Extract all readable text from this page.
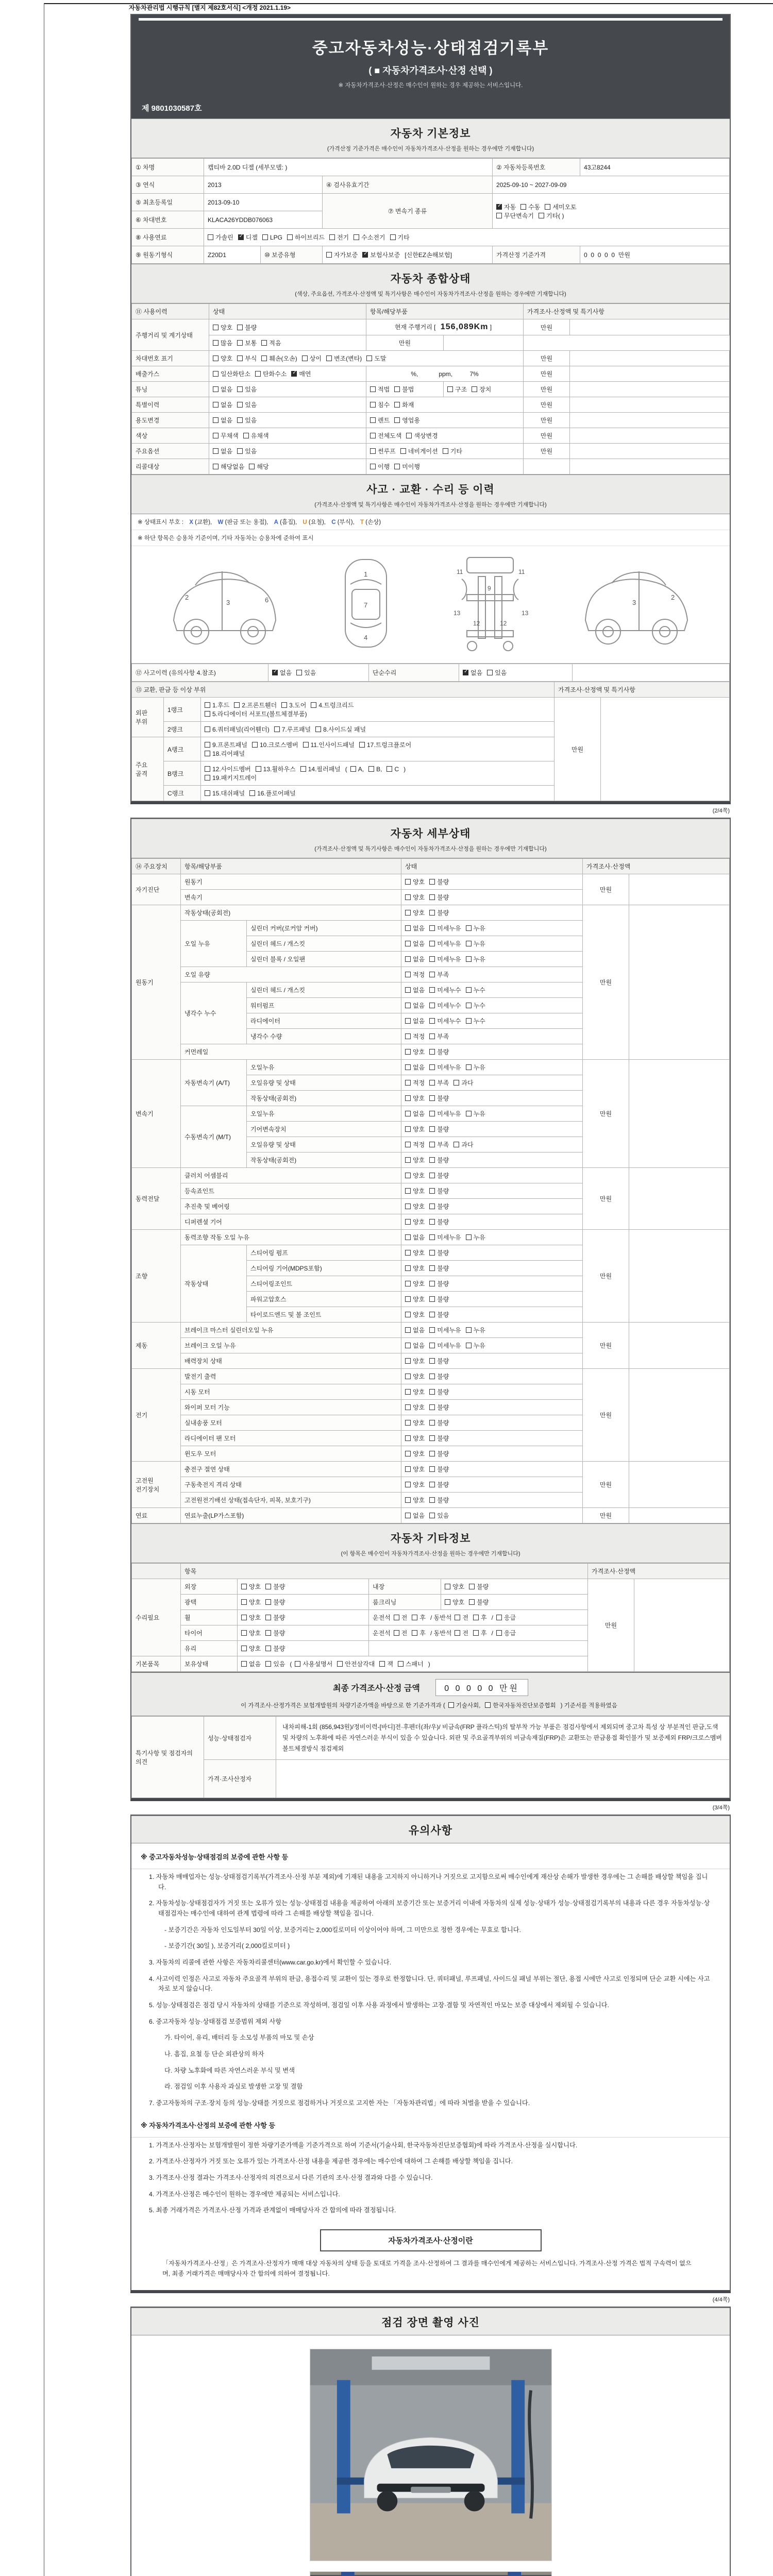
자동차관리법 시행규칙 [별지 제82호서식] <개정 2021.1.19>
중고자동차성능·상태점검기록부
( ■ 자동차가격조사·산정 선택 )
※ 자동차가격조사·산정은 매수인이 원하는 경우 제공하는 서비스입니다.
제 9801030587호
자동차 기본정보
(가격산정 기준가격은 매수인이 자동차가격조사·산정을 원하는 경우에만 기재합니다)
① 차명	캡티바 2.0D 디젤 (세부모델: )			② 자동차등록번호	43고8244
③ 연식	2013		④ 검사유효기간	2025-09-10 ~ 2027-09-09	
⑤ 최초등록일	2013-09-10		⑦ 변속기 종류	✓자동 수동 세미오토
무단변속기 기타( )
⑥ 차대번호	KLACA26YDDB076063				
⑧ 사용연료	가솔린 ✓ 디젤 LPG 하이브리드 전기 수소전기 기타
⑨ 원동기형식	Z20D1	⑩ 보증유형	자가보증 ✓ 보험사보증 [신한EZ손해보험]	가격산정 기준가격	0  0  0  0  0  만원
자동차 종합상태
(색상, 주요옵션, 가격조사·산정액 및 특기사항은 매수인이 자동차가격조사·산정을 원하는 경우에만 기재합니다)
⑪ 사용이력	상태	항목/해당부품		가격조사·산정액 및 특기사항	
주행거리 및 계기상태	양호 불량	현재 주행거리 [ 156,089Km ]		만원	
	많음 보통 적음	만원			
차대번호 표기	양호 부식 훼손(오손) 상이 변조(변타) 도말			만원	
배출가스	일산화탄소 탄화수소 ✓ 매연	%,            ppm,          7%		만원	
튜닝	없음 있음	적법 불법	구조 장치	만원	
특별이력	없음 있음	침수 화재		만원	
용도변경	없음 있음	렌트 영업용		만원	
색상	무채색 유채색	전체도색 색상변경		만원	
주요옵션	없음 있음	썬루프 네비게이션 기타		만원	
리콜대상	해당없음 해당	이행 미이행			
사고 · 교환 · 수리 등 이력
(가격조사·산정액 및 특기사항은 매수인이 자동차가격조사·산정을 원하는 경우에만 기재합니다)
※ 상태표시 부호 : X (교환), W (판금 또는 용접), A (흠집), U (요철), C (부식), T (손상)
※ 하단 항목은 승용차 기준이며, 기타 자동차는 승용차에 준하여 표시
2
3	6
1
7
4
11	11
9
13	13
12	12
2
3
⑫ 사고이력 (유의사항 4.참조)	✓없음 있음	단순수리	✓없음 있음	
⑬ 교환, 판금 등 이상 부위			가격조사·산정액 및 특기사항	
외판 부위	1랭크	1.후드 2.프론트휀더 3.도어 4.트렁크리드
5.라디에이터 서포트(볼트체결부품)	만원	
	2랭크	6.쿼터패널(리어휀더) 7.루프패널 8.사이드실 패널		
주요 골격	A랭크	9.프론트패널 10.크로스멤버 11.인사이드패널 17.트렁크플로어
18.리어패널		
	B랭크	12.사이드멤버 13.휠하우스 14.필러패널 ( A, B, C )
19.패키지트레이		
	C랭크	15.대쉬패널 16.플로어패널		
(2/4쪽)
자동차 세부상태
(가격조사·산정액 및 특기사항은 매수인이 자동차가격조사·산정을 원하는 경우에만 기재합니다)
⑭ 주요장치	항목/해당부품		상태	가격조사·산정액	
자기진단	원동기		양호 불량	만원	
	변속기		양호 불량		
원동기	작동상태(공회전)		양호 불량	만원	
	오일 누유	실린더 커버(로커암 커버)	없음 미세누유 누유		
		실린더 헤드 / 개스킷	없음 미세누유 누유		
		실린더 블록 / 오일팬	없음 미세누유 누유		
	오일 유량		적정 부족		
	냉각수 누수	실린더 헤드 / 개스킷	없음 미세누수 누수		
		워터펌프	없음 미세누수 누수		
		라디에이터	없음 미세누수 누수		
		냉각수 수량	적정 부족		
	커먼레일		양호 불량		
변속기	자동변속기 (A/T)	오일누유	없음 미세누유 누유	만원	
		오일유량 및 상태	적정 부족 과다		
		작동상태(공회전)	양호 불량		
	수동변속기 (M/T)	오일누유	없음 미세누유 누유		
		기어변속장치	양호 불량		
		오일유량 및 상태	적정 부족 과다		
		작동상태(공회전)	양호 불량		
동력전달	클러치 어셈블리		양호 불량	만원	
	등속죠인트		양호 불량		
	추진축 및 베어링		양호 불량		
	디퍼렌셜 기어		양호 불량		
조향	동력조향 작동 오일 누유		없음 미세누유 누유	만원	
	작동상태	스티어링 펌프	양호 불량		
		스티어링 기어(MDPS포함)	양호 불량		
		스티어링조인트	양호 불량		
		파워고압호스	양호 불량		
		타이로드엔드 및 볼 조인트	양호 불량		
제동	브레이크 마스터 실린더오일 누유		없음 미세누유 누유	만원	
	브레이크 오일 누유		없음 미세누유 누유		
	배력장치 상태		양호 불량		
전기	발전기 출력		양호 불량	만원	
	시동 모터		양호 불량		
	와이퍼 모터 기능		양호 불량		
	실내송풍 모터		양호 불량		
	라디에이터 팬 모터		양호 불량		
	윈도우 모터		양호 불량		
고전원 전기장치	충전구 절연 상태		양호 불량	만원	
	구동축전지 격리 상태		양호 불량		
	고전원전기배선 상태(접속단자, 피복, 보호기구)		양호 불량		
연료	연료누출(LP가스포함)		없음 있음	만원	
자동차 기타정보
(이 항목은 매수인이 자동차가격조사·산정을 원하는 경우에만 기재합니다)
	항목				가격조사·산정액	
수리필요	외장	양호 불량	내장	양호 불량	만원	
	광택	양호 불량	룸크리닝	양호 불량		
	휠	양호 불량	운전석 전 후 / 동반석 전 후 / 응급			
	타이어	양호 불량	운전석 전 후 / 동반석 전 후 / 응급			
	유리	양호 불량				
기본품목	보유상태	없음 있음 ( 사용설명서 안전삼각대 잭 스패너 )				
최종 가격조사·산정 금액	0 0 0 0 0 만원
이 가격조사·산정가격은 보험개발원의 차량기준가액을 바탕으로 한 기준가격과 ( 기술사회, 한국자동차진단보증협회 ) 기준서를 적용하였음
특기사항 및 점검자의 의견	성능·상태점검자	내차피해-1회 (856,943원)/정비이력-[바디]전·후펜더(좌/우)/ 비금속(FRP 플라스틱)의 탈부착 가능 부품은 점검사항에서 제외되며 중고차 특성 상 부분적인 판금,도색 및 차량의 노후화에 따른 자연스러운 부식이 있을 수 있습니다. 외판 및 주요골격부위의 비금속재질(FRP)은 교환또는 판금용접 확인불가 및 보증제외 FRP/크로스멤버 볼트체결방식 점검제외
	가격·조사산정자	
(3/4쪽)
유의사항
※ 중고자동차성능·상태점검의 보증에 관한 사항 등
1. 자동차 매매업자는 성능·상태점검기록부(가격조사·산정 부분 제외)에 기재된 내용을 고지하지 아니하거나 거짓으로 고지함으로써 매수인에게 재산상 손해가 발생한 경우에는 그 손해를 배상할 책임을 집니다.
2. 자동차성능·상태점검자가 거짓 또는 오류가 있는 성능·상태점검 내용을 제공하여 아래의 보증기간 또는 보증거리 이내에 자동차의 실제 성능·상태가 성능·상태점검기록부의 내용과 다른 경우 자동차성능·상태점검자는 매수인에 대하여 관계 법령에 따라 그 손해를 배상할 책임을 집니다.
- 보증기간은 자동차 인도일부터 30일 이상, 보증거리는 2,000킬로미터 이상이어야 하며, 그 미만으로 정한 경우에는 무효로 합니다.
- 보증기간( 30일 ), 보증거리( 2,000킬로미터 )
3. 자동차의 리콜에 관한 사항은 자동차리콜센터(www.car.go.kr)에서 확인할 수 있습니다.
4. 사고이력 인정은 사고로 자동차 주요골격 부위의 판금, 용접수리 및 교환이 있는 경우로 한정합니다. 단, 쿼터패널, 루프패널, 사이드실 패널 부위는 절단, 용접 시에만 사고로 인정되며 단순 교환 시에는 사고차로 보지 않습니다.
5. 성능·상태점검은 점검 당시 자동차의 상태를 기준으로 작성하며, 점검일 이후 사용 과정에서 발생하는 고장·결함 및 자연적인 마모는 보증 대상에서 제외될 수 있습니다.
6. 중고자동차 성능·상태점검 보증범위 제외 사항
가. 타이어, 유리, 배터리 등 소모성 부품의 마모 및 손상
나. 흠집, 요철 등 단순 외관상의 하자
다. 차량 노후화에 따른 자연스러운 부식 및 변색
라. 점검일 이후 사용자 과실로 발생한 고장 및 결함
7. 중고자동차의 구조·장치 등의 성능·상태를 거짓으로 점검하거나 거짓으로 고지한 자는 「자동차관리법」에 따라 처벌을 받을 수 있습니다.
※ 자동차가격조사·산정의 보증에 관한 사항 등
1. 가격조사·산정자는 보험개발원이 정한 차량기준가액을 기준가격으로 하여 기준서(기술사회, 한국자동차진단보증협회)에 따라 가격조사·산정을 실시합니다.
2. 가격조사·산정자가 거짓 또는 오류가 있는 가격조사·산정 내용을 제공한 경우에는 매수인에 대하여 그 손해를 배상할 책임을 집니다.
3. 가격조사·산정 결과는 가격조사·산정자의 의견으로서 다른 기관의 조사·산정 결과와 다를 수 있습니다.
4. 가격조사·산정은 매수인이 원하는 경우에만 제공되는 서비스입니다.
5. 최종 거래가격은 가격조사·산정 가격과 관계없이 매매당사자 간 합의에 따라 결정됩니다.
자동차가격조사·산정이란
「자동차가격조사·산정」은 가격조사·산정자가 매매 대상 자동차의 상태 등을 토대로 가격을 조사·산정하여 그 결과를 매수인에게 제공하는 서비스입니다. 가격조사·산정 가격은 법적 구속력이 없으며, 최종 거래가격은 매매당사자 간 합의에 의하여 결정됩니다.
(4/4쪽)
점검 장면 촬영 사진
